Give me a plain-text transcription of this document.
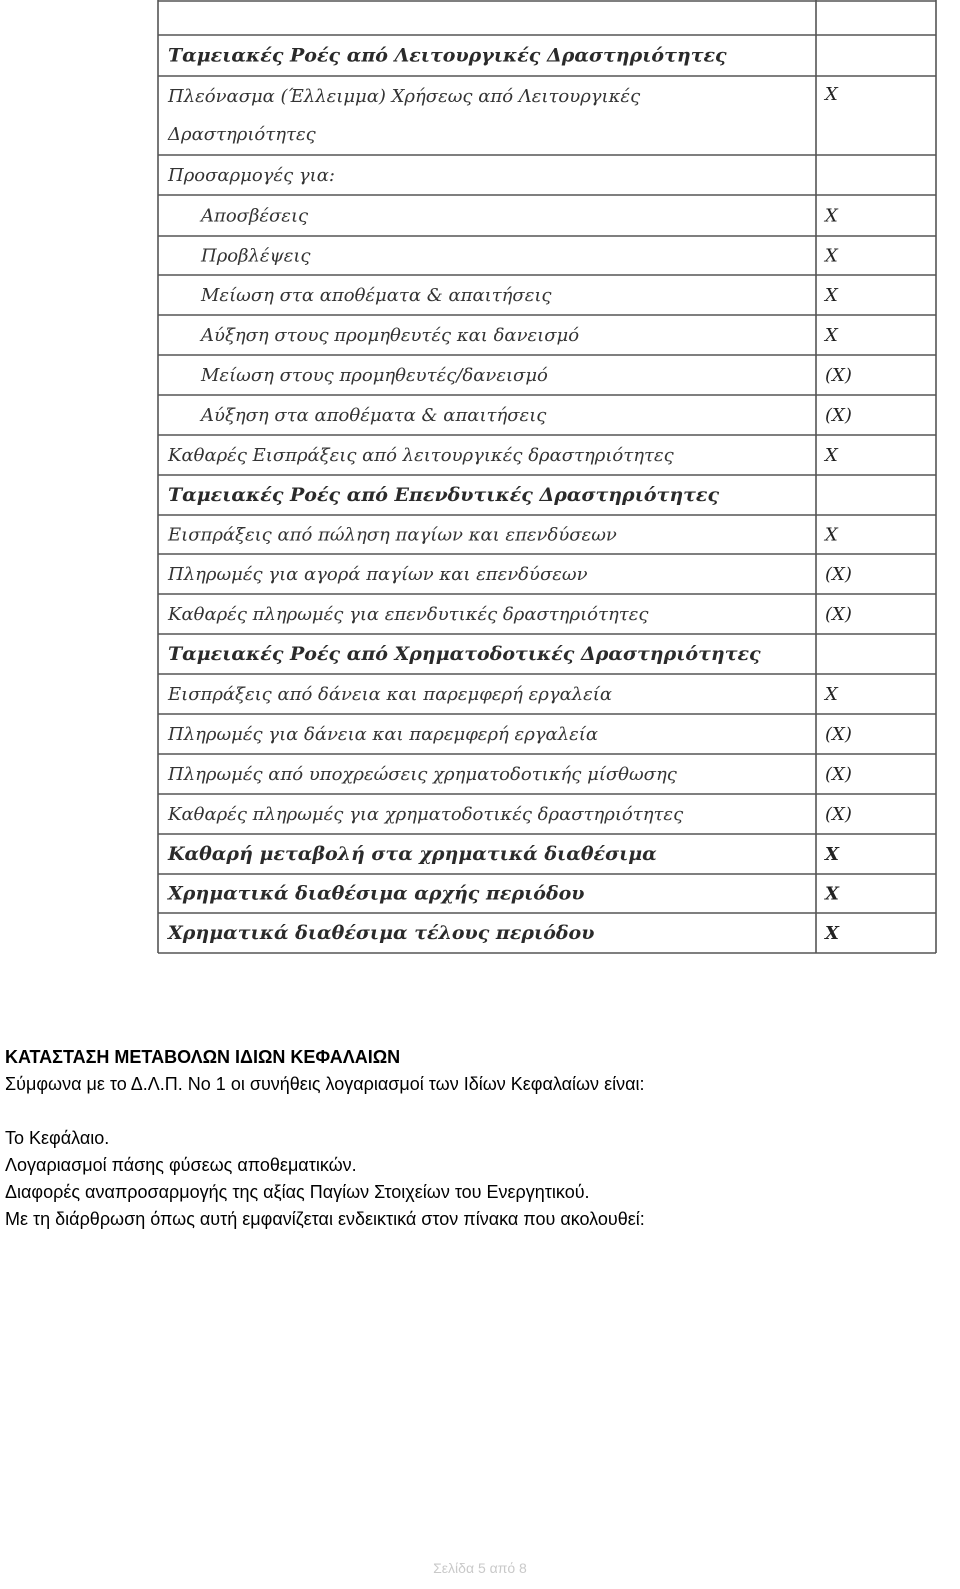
Ταμειακές Ροές από Λειτουργικές Δραστηριότητες
Πλεόνασμα (Έλλειμμα) Χρήσεως από Λειτουργικές
Δραστηριότητες
Προσαρμογές για:
Αποσβέσεις
Προβλέψεις
Μείωση στα αποθέματα & απαιτήσεις
Αύξηση στους προμηθευτές και δανεισμό
Μείωση στους προμηθευτές/δανεισμό
Αύξηση στα αποθέματα & απαιτήσεις
Καθαρές Εισπράξεις από λειτουργικές δραστηριότητες
Ταμειακές Ροές από Επενδυτικές Δραστηριότητες
Εισπράξεις από πώληση παγίων και επενδύσεων
Πληρωμές για αγορά παγίων και επενδύσεων
Καθαρές πληρωμές για επενδυτικές δραστηριότητες
Ταμειακές Ροές από Χρηματοδοτικές Δραστηριότητες
Εισπράξεις από δάνεια και παρεμφερή εργαλεία
Πληρωμές για δάνεια και παρεμφερή εργαλεία
Πληρωμές από υποχρεώσεις χρηματοδοτικής μίσθωσης
Καθαρές πληρωμές για χρηματοδοτικές δραστηριότητες
Καθαρή μεταβολή στα χρηματικά διαθέσιμα
Χρηματικά διαθέσιμα αρχής περιόδου
Χρηματικά διαθέσιμα τέλους περιόδου
X
X
X
X
X
(X)
(X)
X
X
(X)
(X)
X
(X)
(X)
(X)
X
X
X
ΚΑΤΑΣΤΑΣΗ ΜΕΤΑΒΟΛΩΝ ΙΔΙΩΝ ΚΕΦΑΛΑΙΩΝ
Σύμφωνα με το Δ.Λ.Π. Νο 1 οι συνήθεις λογαριασμοί των Ιδίων Κεφαλαίων είναι:
Το Κεφάλαιο.
Λογαριασμοί πάσης φύσεως αποθεματικών.
Διαφορές αναπροσαρμογής της αξίας Παγίων Στοιχείων του Ενεργητικού.
Με τη διάρθρωση όπως αυτή εμφανίζεται ενδεικτικά στον πίνακα που ακολουθεί:
Σελίδα 5 από 8
